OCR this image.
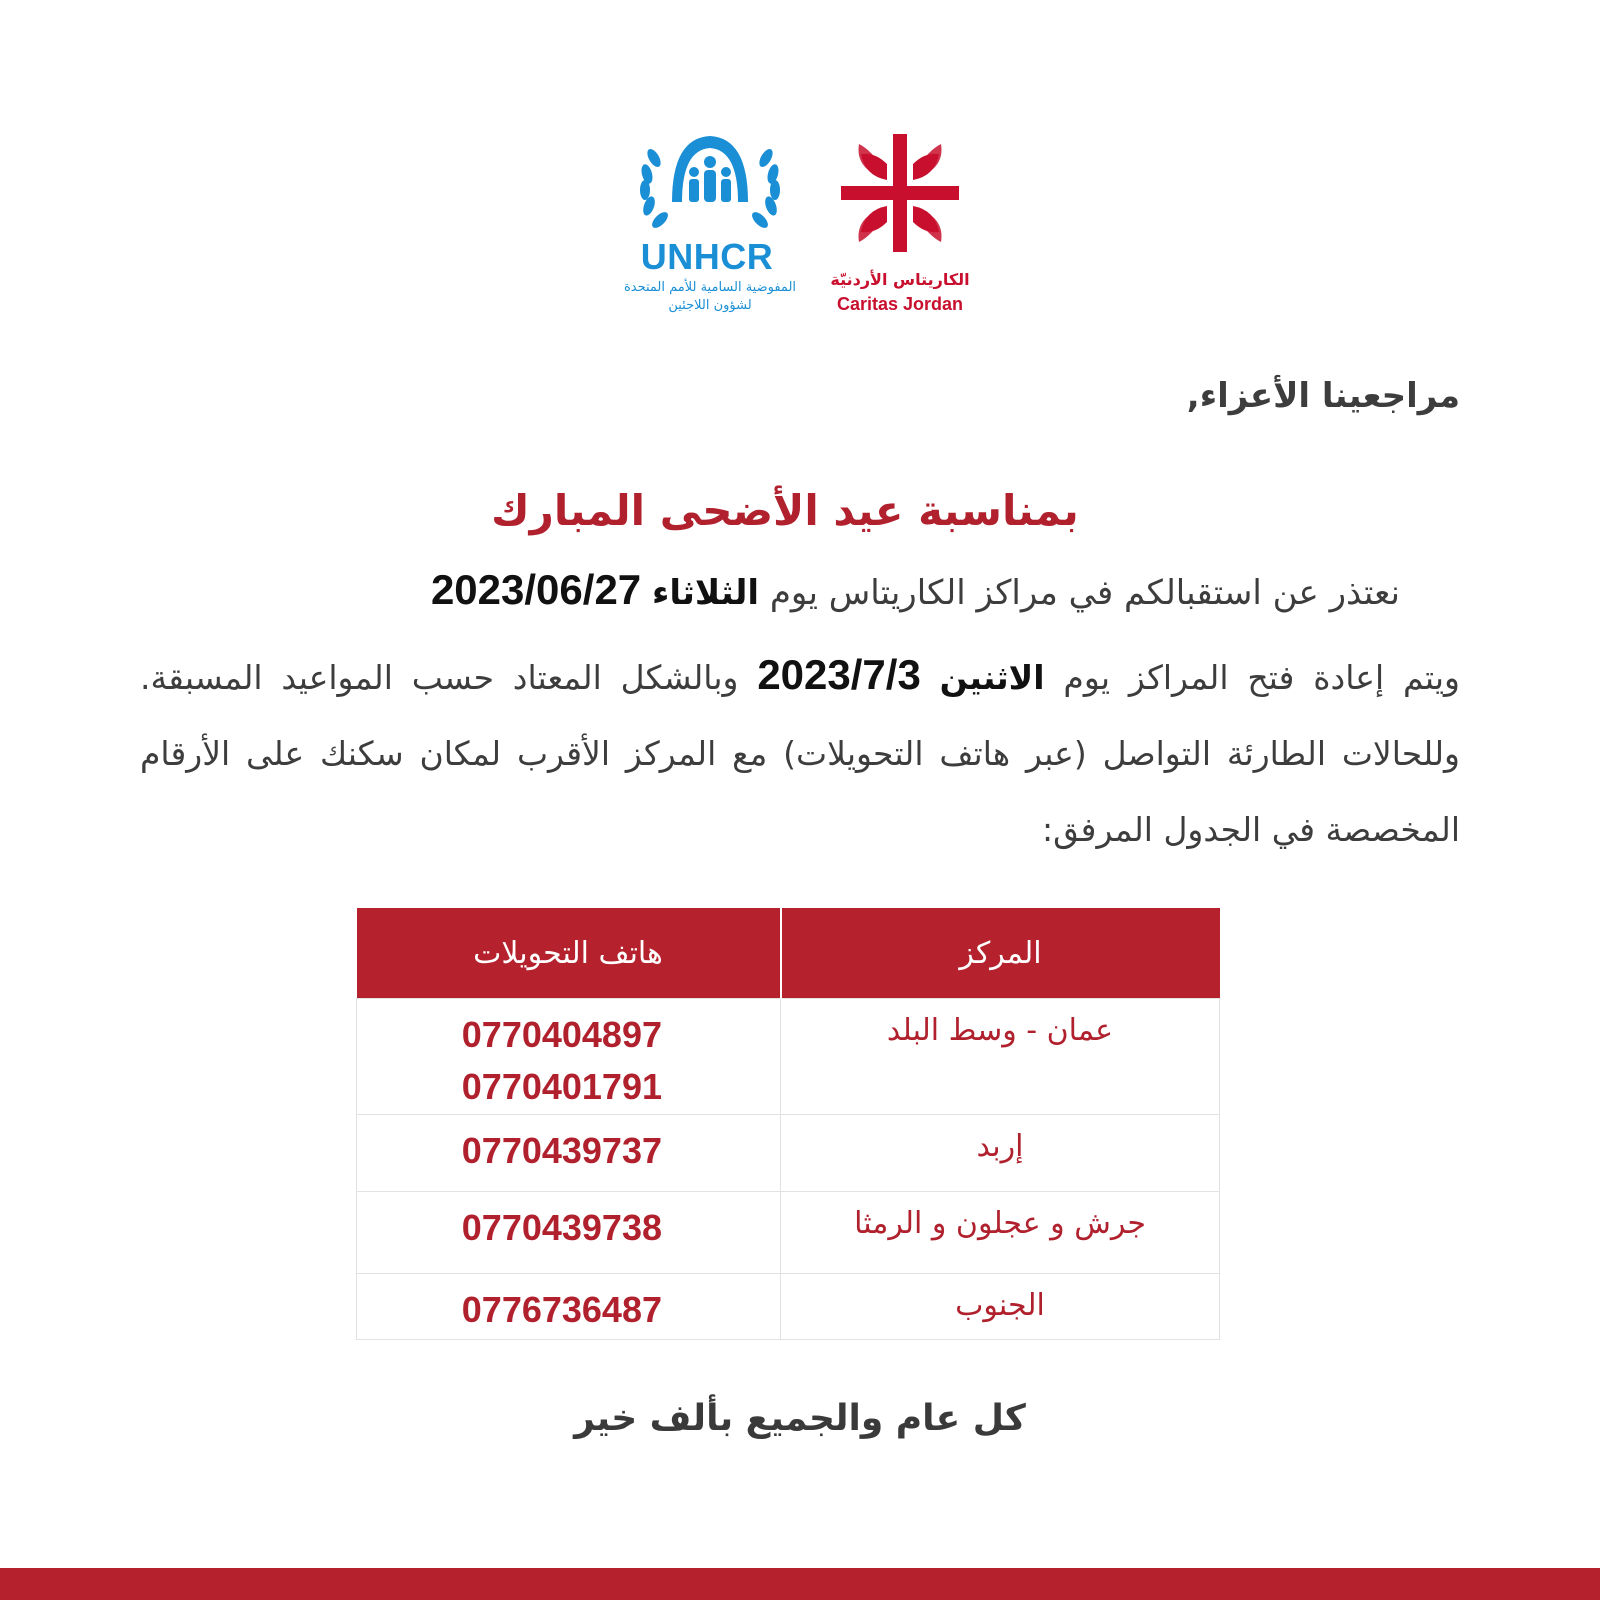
UNHCR
المفوضية السامية للأمم المتحدة
لشؤون اللاجئين
الكاريتاس الأردنيّة
Caritas Jordan
مراجعينا الأعزاء,
بمناسبة عيد الأضحى المبارك
نعتذر عن استقبالكم في مراكز الكاريتاس يوم الثلاثاء 2023/06/27
ويتم إعادة فتح المراكز يوم الاثنين 2023/7/3 وبالشكل المعتاد حسب المواعيد المسبقة. وللحالات الطارئة التواصل (عبر هاتف التحويلات) مع المركز الأقرب لمكان سكنك على الأرقام المخصصة في الجدول المرفق:
المركز	هاتف التحويلات
عمان - وسط البلد	0770404897
0770401791

إربد	0770439737

جرش و عجلون و الرمثا	0770439738

الجنوب	0776736487
كل عام والجميع بألف خير
